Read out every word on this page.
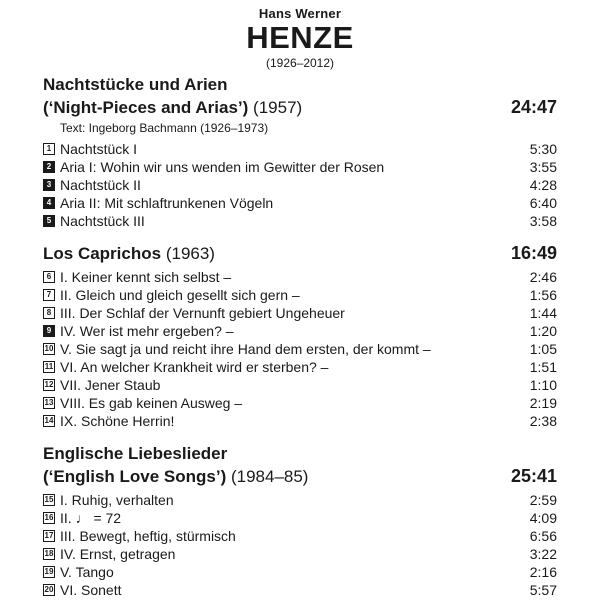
Hans Werner
HENZE
(1926–2012)
Nachtstücke und Arien
(‘Night-Pieces and Arias’) (1957)	24:47
Text: Ingeborg Bachmann (1926–1973)
1 Nachtstück I	5:30
2 Aria I: Wohin wir uns wenden im Gewitter der Rosen	3:55
3 Nachtstück II	4:28
4 Aria II: Mit schlaftrunkenen Vögeln	6:40
5 Nachtstück III	3:58
Los Caprichos (1963)	16:49
6 I. Keiner kennt sich selbst –	2:46
7 II. Gleich und gleich gesellt sich gern –	1:56
8 III. Der Schlaf der Vernunft gebiert Ungeheuer	1:44
9 IV. Wer ist mehr ergeben? –	1:20
10 V. Sie sagt ja und reicht ihre Hand dem ersten, der kommt –	1:05
11 VI. An welcher Krankheit wird er sterben? –	1:51
12 VII. Jener Staub	1:10
13 VIII. Es gab keinen Ausweg –	2:19
14 IX. Schöne Herrin!	2:38
Englische Liebeslieder
(‘English Love Songs’) (1984–85)	25:41
15 I. Ruhig, verhalten	2:59
16 II. ♩ = 72	4:09
17 III. Bewegt, heftig, stürmisch	6:56
18 IV. Ernst, getragen	3:22
19 V. Tango	2:16
20 VI. Sonett	5:57
